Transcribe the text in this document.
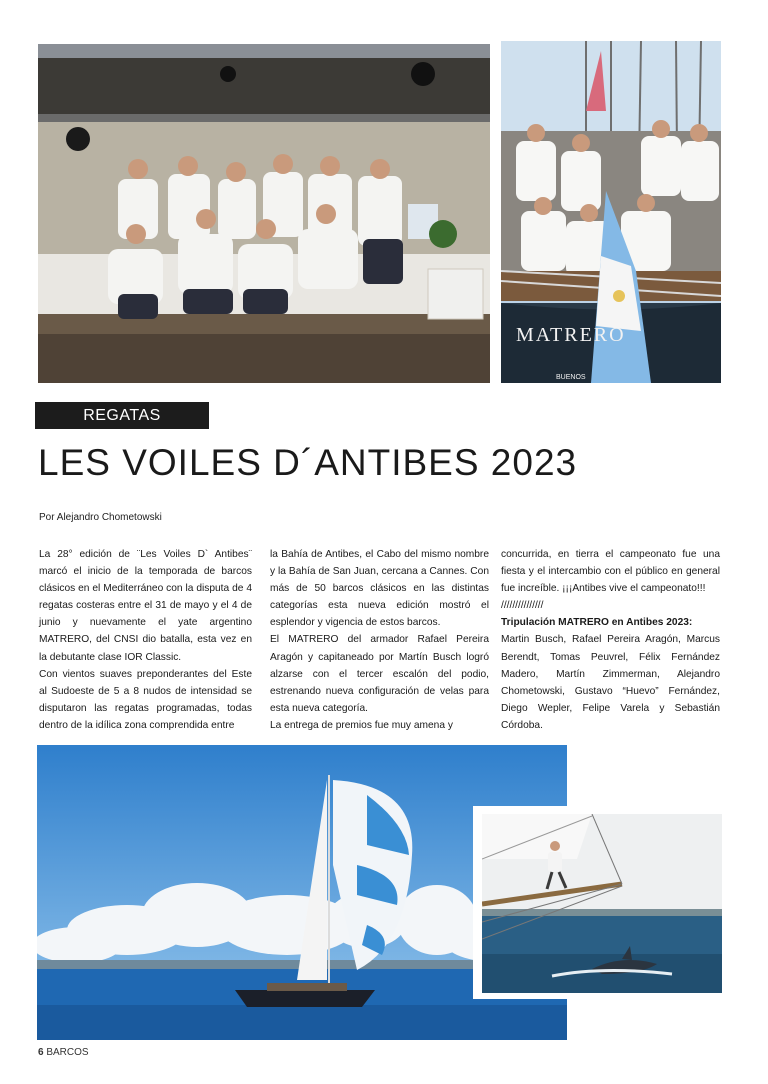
MATRERO
BUENOS
REGATAS
LES VOILES D´ANTIBES 2023
Por Alejandro Chometowski

La 28° edición de ¨Les Voiles D` Antibes¨ marcó el inicio de la temporada de barcos clásicos en el Mediterráneo con la disputa de 4 regatas costeras entre el 31 de mayo y el 4 de junio y nuevamente el yate argentino MATRERO, del CNSI dio batalla, esta vez en la debutante clase IOR Classic.

Con vientos suaves preponderantes del Este al Sudoeste de 5 a 8 nudos de intensidad se disputaron las regatas programadas, todas dentro de la idílica zona comprendida entre

la Bahía de Antibes, el Cabo del mismo nombre y la Bahía de San Juan, cercana a Cannes. Con más de 50 barcos clásicos en las distintas categorías esta nueva edición mostró el esplendor y vigencia de estos barcos.

El MATRERO del armador Rafael Pereira Aragón y capitaneado por Martín Busch logró alzarse con el tercer escalón del podio, estrenando nueva configuración de velas para esta nueva categoría.

La entrega de premios fue muy amena y

concurrida, en tierra el campeonato fue una fiesta y el intercambio con el público en general fue increíble. ¡¡¡Antibes vive el campeonato!!!

///////////////

Tripulación MATRERO en Antibes 2023:

Martin Busch, Rafael Pereira Aragón, Marcus Berendt, Tomas Peuvrel, Félix Fernández Madero, Martín Zimmerman, Alejandro Chometowski, Gustavo “Huevo” Fernández, Diego Wepler, Felipe Varela y Sebastián Córdoba.

6 BARCOS
